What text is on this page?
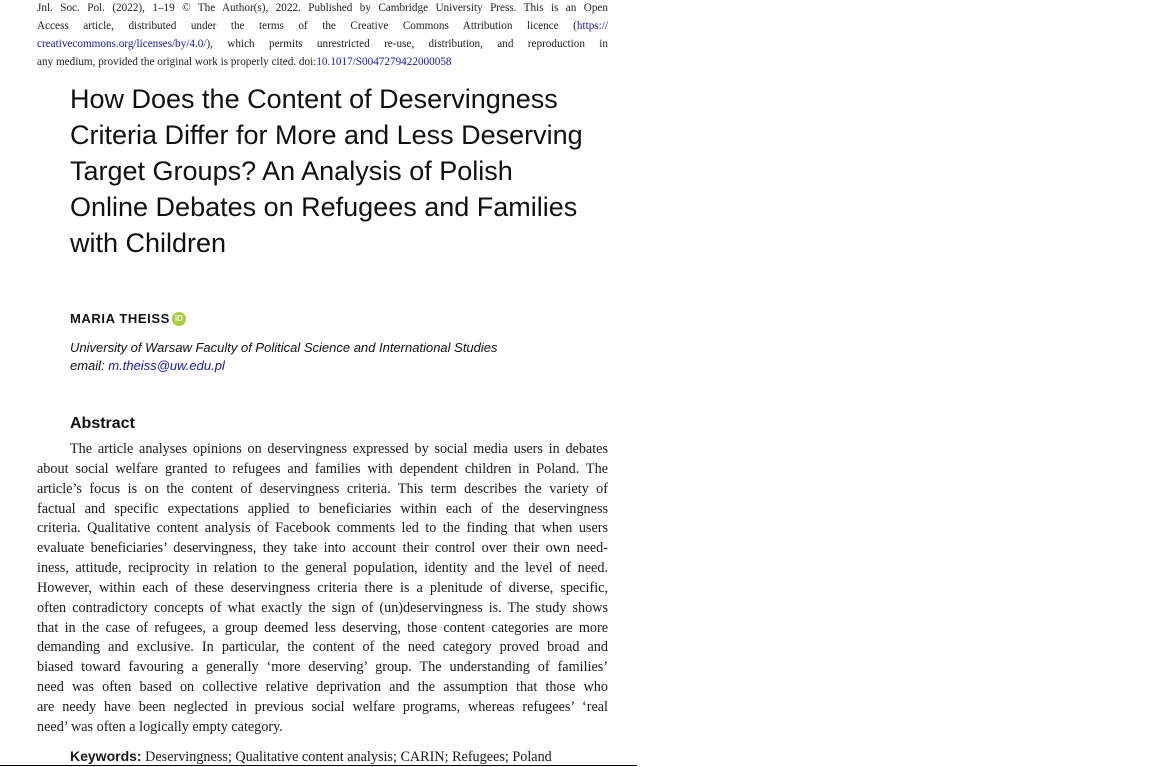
Jnl. Soc. Pol. (2022), 1–19 © The Author(s), 2022. Published by Cambridge University Press. This is an Open
Access article, distributed under the terms of the Creative Commons Attribution licence (https://
creativecommons.org/licenses/by/4.0/), which permits unrestricted re-use, distribution, and reproduction in
any medium, provided the original work is properly cited. doi:10.1017/S0047279422000058
How Does the Content of Deservingness
Criteria Differ for More and Less Deserving
Target Groups? An Analysis of Polish
Online Debates on Refugees and Families
with Children
MARIA THEISS iD
University of Warsaw Faculty of Political Science and International Studies
email: m.theiss@uw.edu.pl
Abstract
The article analyses opinions on deservingness expressed by social media users in debates
about social welfare granted to refugees and families with dependent children in Poland. The
article’s focus is on the content of deservingness criteria. This term describes the variety of
factual and specific expectations applied to beneficiaries within each of the deservingness
criteria. Qualitative content analysis of Facebook comments led to the finding that when users
evaluate beneficiaries’ deservingness, they take into account their control over their own need-
iness, attitude, reciprocity in relation to the general population, identity and the level of need.
However, within each of these deservingness criteria there is a plenitude of diverse, specific,
often contradictory concepts of what exactly the sign of (un)deservingness is. The study shows
that in the case of refugees, a group deemed less deserving, those content categories are more
demanding and exclusive. In particular, the content of the need category proved broad and
biased toward favouring a generally ‘more deserving’ group. The understanding of families’
need was often based on collective relative deprivation and the assumption that those who
are needy have been neglected in previous social welfare programs, whereas refugees’ ‘real
need’ was often a logically empty category.
Keywords: Deservingness; Qualitative content analysis; CARIN; Refugees; Poland
